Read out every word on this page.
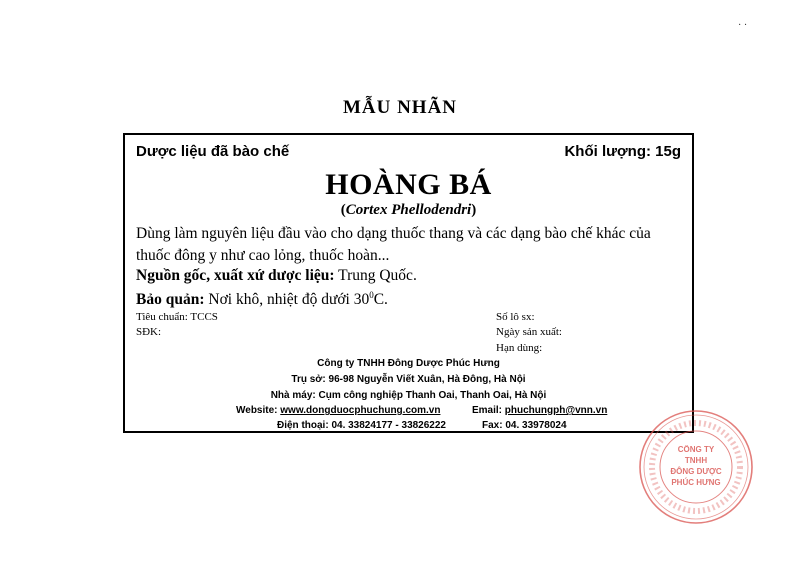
· ·
MẪU NHÃN
Dược liệu đã bào chế	Khối lượng: 15g
HOÀNG BÁ
(Cortex Phellodendri)
Dùng làm nguyên liệu đầu vào cho dạng thuốc thang và các dạng bào chế khác của thuốc đông y như cao lỏng, thuốc hoàn...
Nguồn gốc, xuất xứ dược liệu: Trung Quốc.
Bảo quản: Nơi khô, nhiệt độ dưới $30^0C$.
Tiêu chuẩn: TCCS
SĐK:
Số lô sx:
Ngày sản xuất:
Hạn dùng:
Công ty TNHH Đông Dược Phúc Hưng
Trụ sở: 96-98 Nguyễn Viết Xuân, Hà Đông, Hà Nội
Nhà máy: Cụm công nghiệp Thanh Oai, Thanh Oai, Hà Nội
Website: www.dongduocphuchung.com.vn	Email: phuchungph@vnn.vn
Điện thoại: 04. 33824177 - 33826222	Fax: 04. 33978024
CÔNG TY
TNHH
ĐÔNG DƯỢC
PHÚC HƯNG
